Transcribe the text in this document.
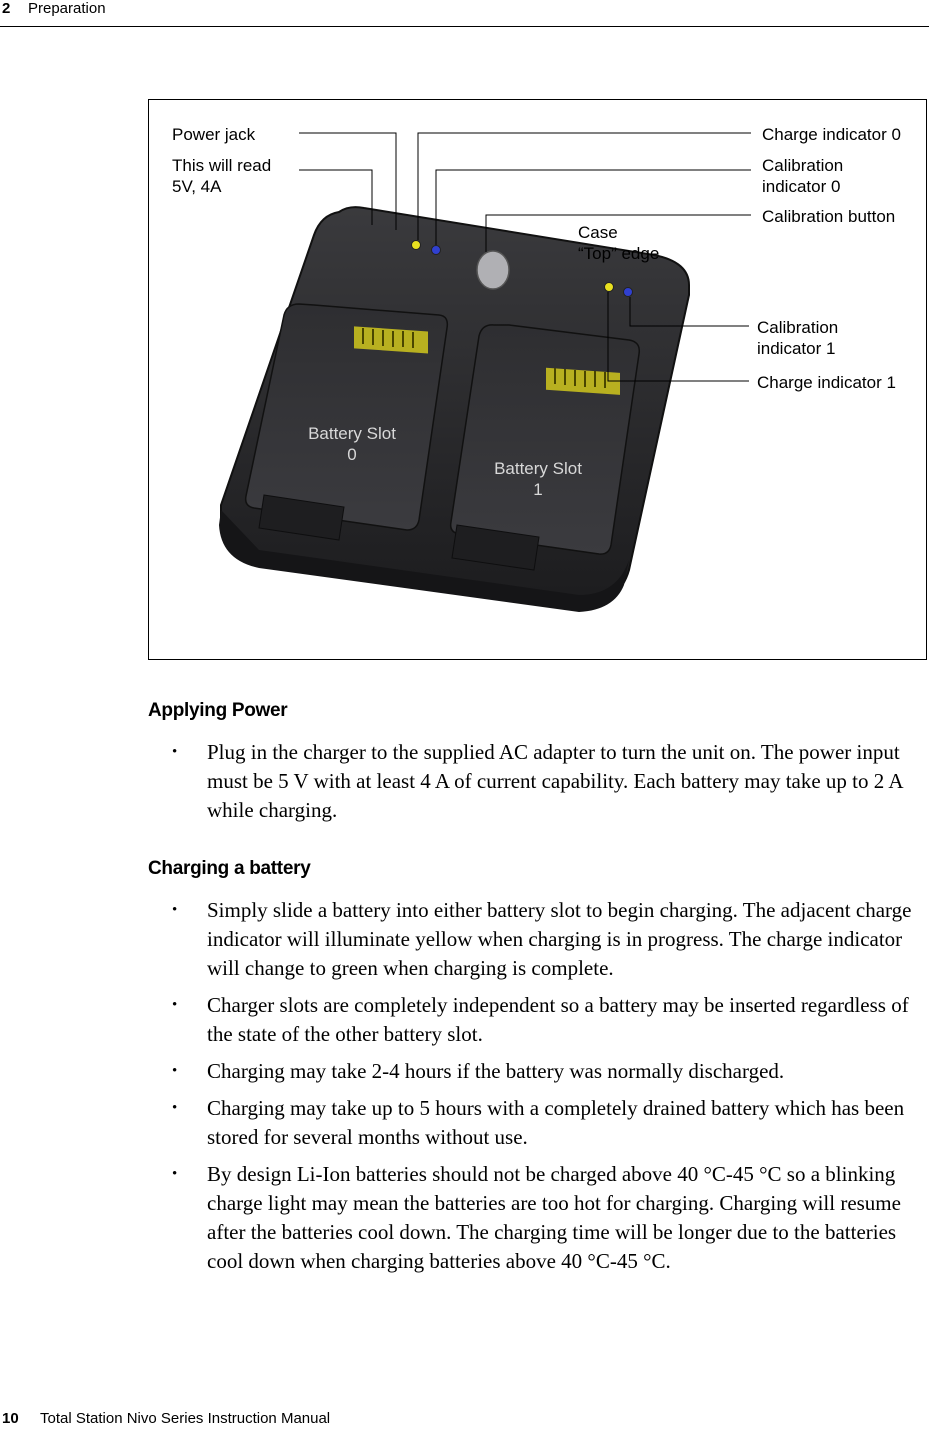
2 Preparation
Power jack
This will read
5V, 4A
Charge indicator 0
Calibration
indicator 0
Calibration button
Case
“Top” edge
Calibration
indicator 1
Charge indicator 1
Battery Slot
0
Battery Slot
1
Applying Power
• Plug in the charger to the supplied AC adapter to turn the unit on. The power input must be 5 V with at least 4 A of current capability. Each battery may take up to 2 A while charging.
Charging a battery
• Simply slide a battery into either battery slot to begin charging. The adjacent charge indicator will illuminate yellow when charging is in progress. The charge indicator will change to green when charging is complete.
• Charger slots are completely independent so a battery may be inserted regardless of the state of the other battery slot.
• Charging may take 2-4 hours if the battery was normally discharged.
• Charging may take up to 5 hours with a completely drained battery which has been stored for several months without use.
• By design Li-Ion batteries should not be charged above 40 °C-45 °C so a blinking charge light may mean the batteries are too hot for charging. Charging will resume after the batteries cool down. The charging time will be longer due to the batteries cool down when charging batteries above 40 °C-45 °C.
10 Total Station Nivo Series Instruction Manual
